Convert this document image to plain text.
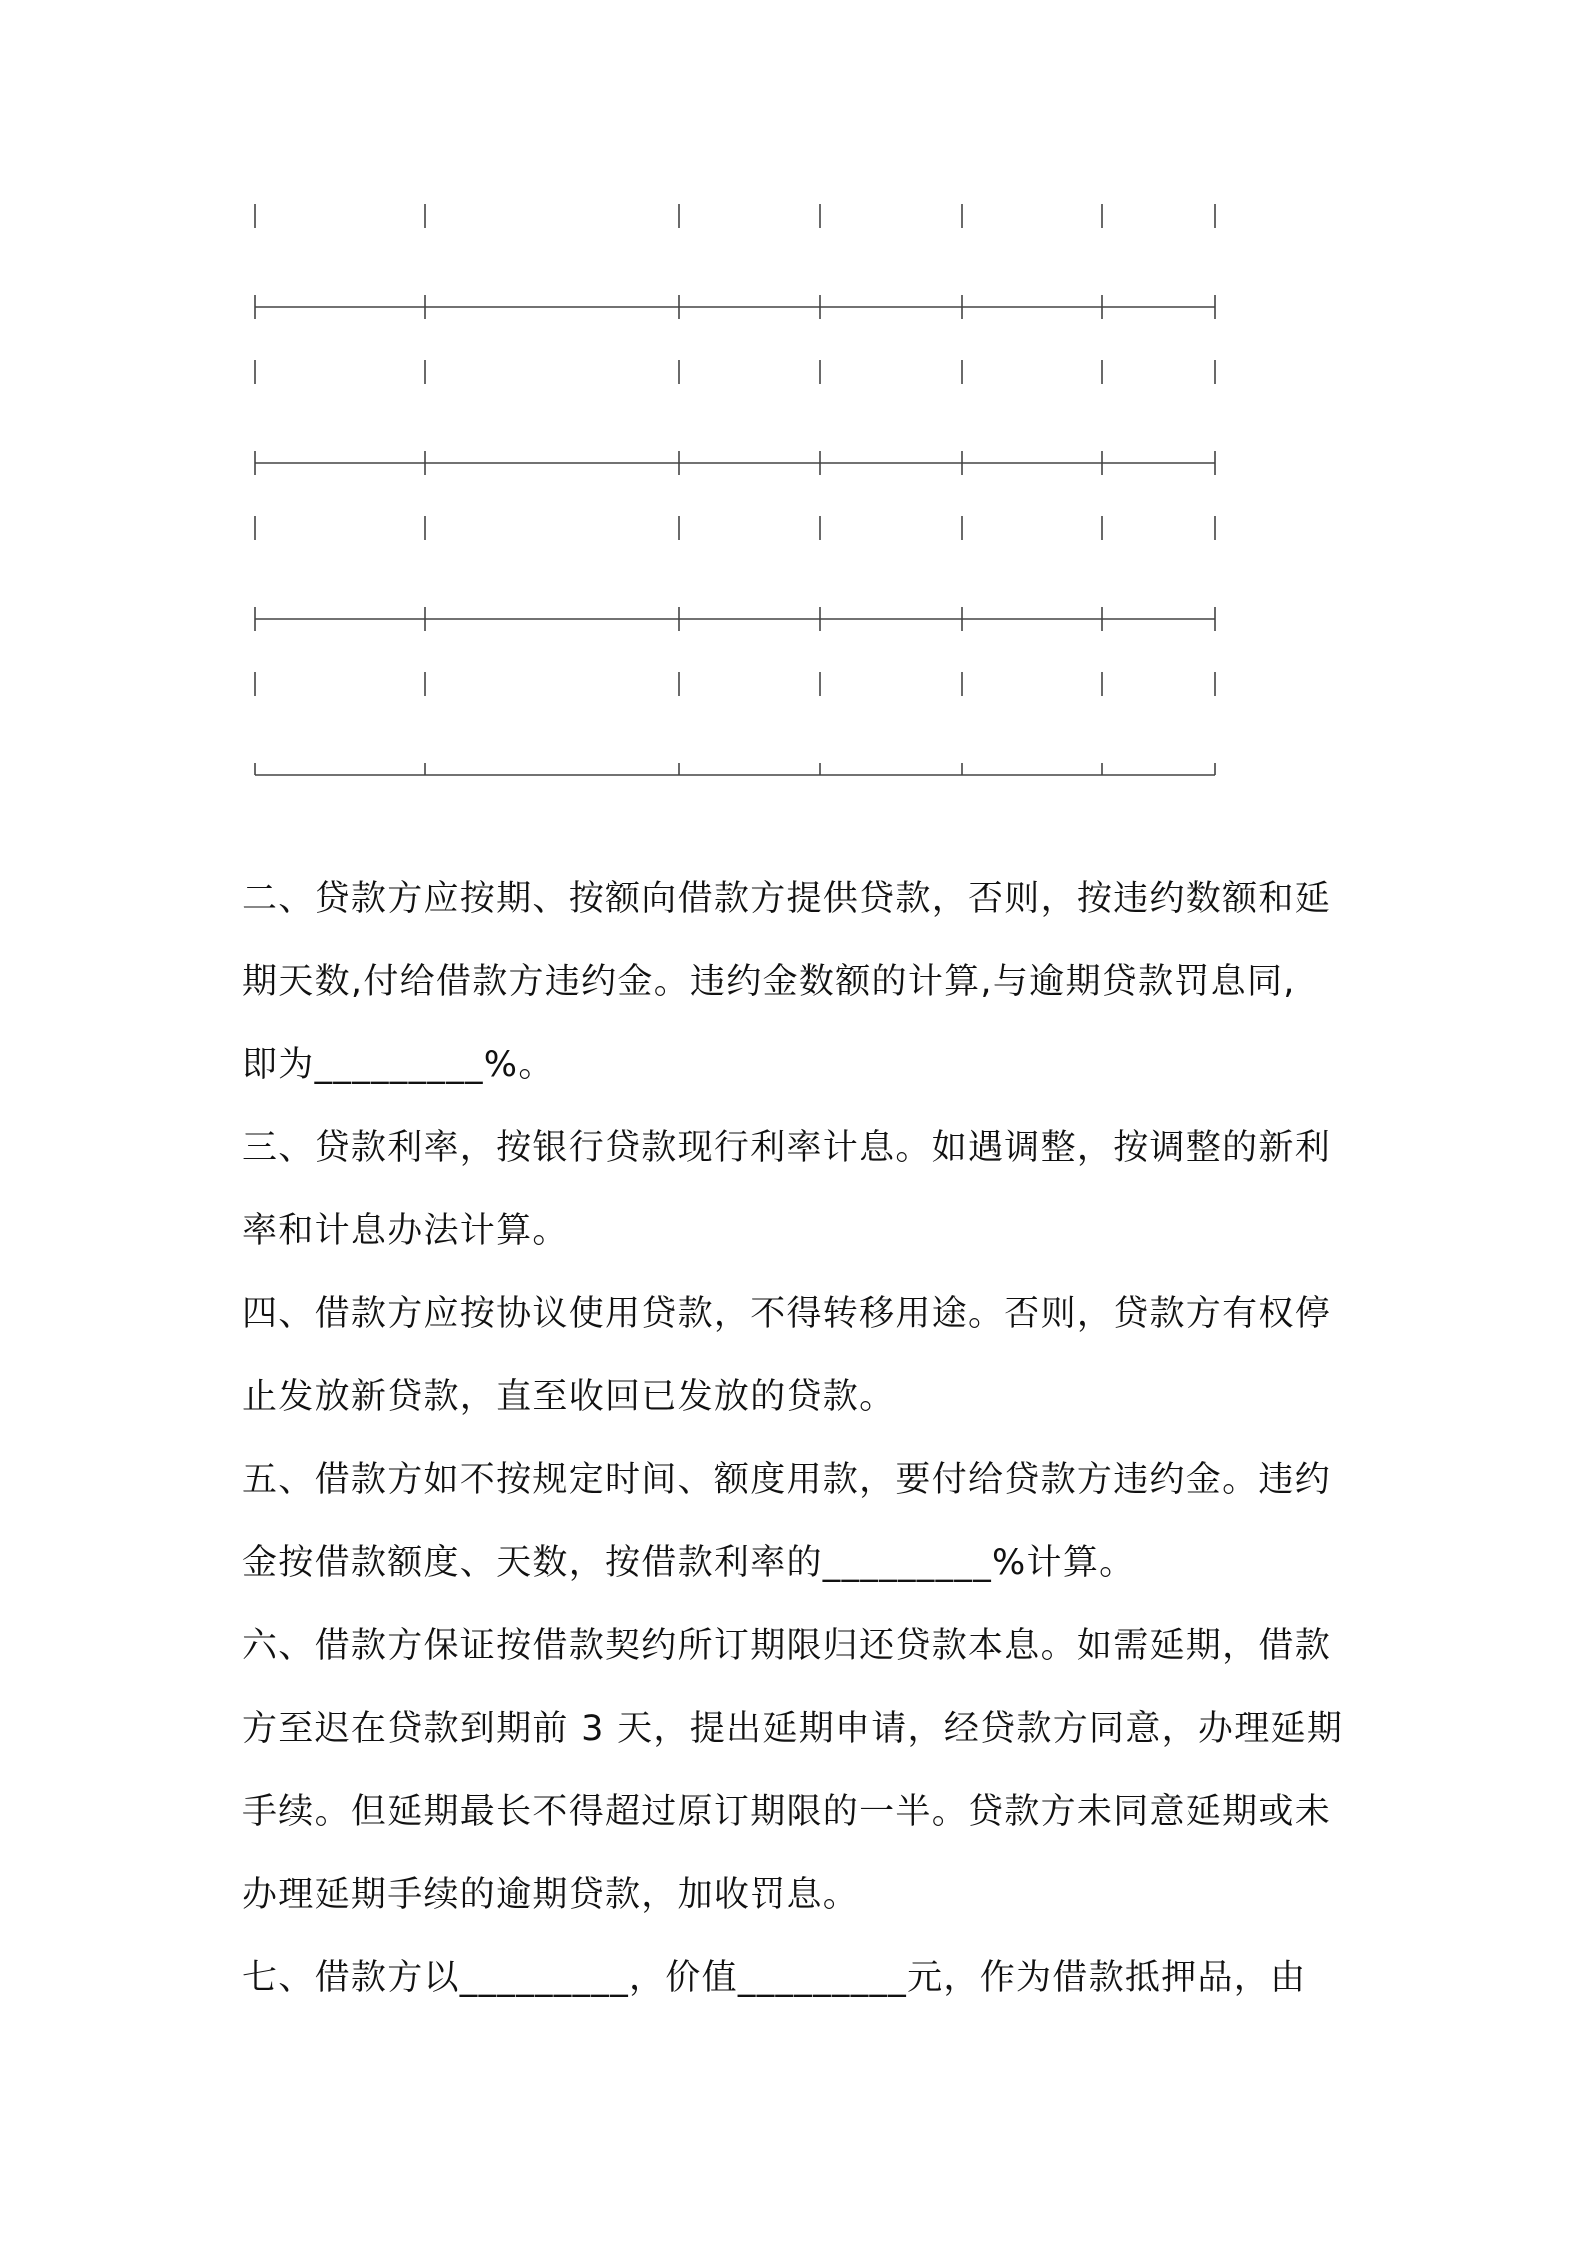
二、贷款方应按期、按额向借款方提供贷款，否则，按违约数额和延
期天数,付给借款方违约金。违约金数额的计算,与逾期贷款罚息同,
即为_________%。

三、贷款利率，按银行贷款现行利率计息。如遇调整，按调整的新利
率和计息办法计算。

四、借款方应按协议使用贷款，不得转移用途。否则，贷款方有权停
止发放新贷款，直至收回已发放的贷款。

五、借款方如不按规定时间、额度用款，要付给贷款方违约金。违约
金按借款额度、天数，按借款利率的_________%计算。

六、借款方保证按借款契约所订期限归还贷款本息。如需延期，借款
方至迟在贷款到期前 3 天，提出延期申请，经贷款方同意，办理延期
手续。但延期最长不得超过原订期限的一半。贷款方未同意延期或未
办理延期手续的逾期贷款，加收罚息。

七、借款方以_________，价值_________元，作为借款抵押品，由
